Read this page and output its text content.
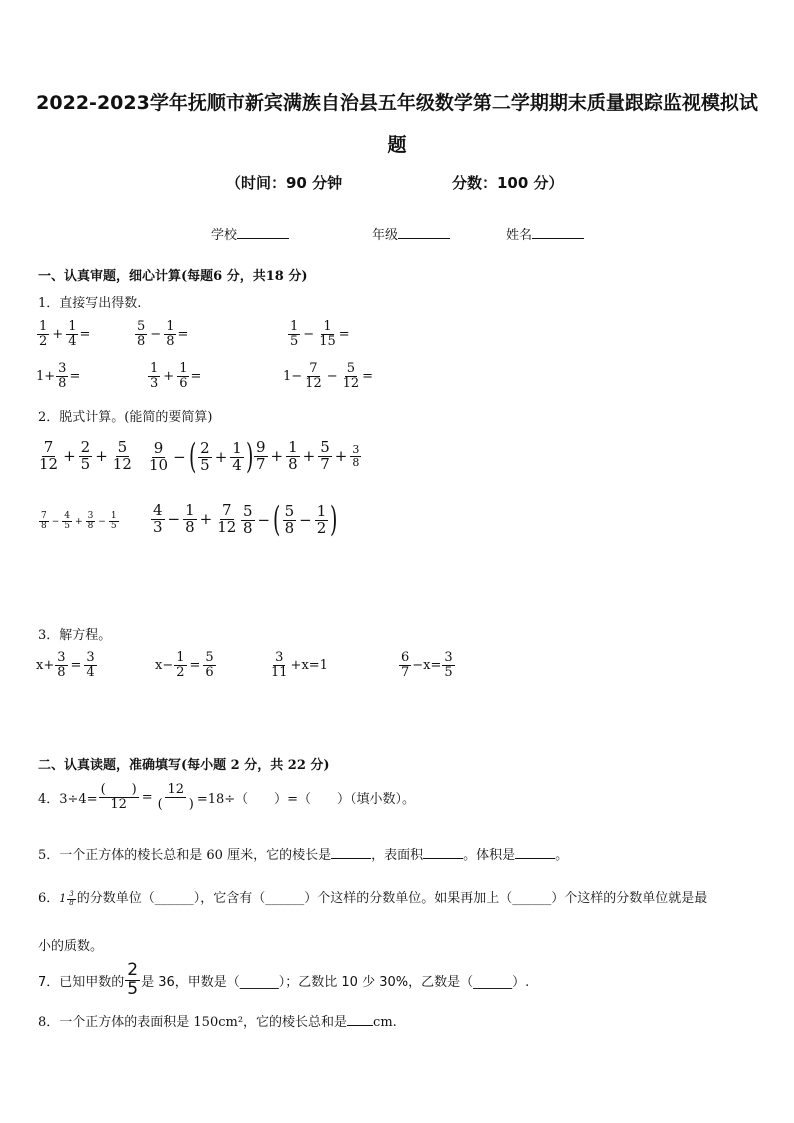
2022-2023学年抚顺市新宾满族自治县五年级数学第二学期期末质量跟踪监视模拟试
题
（时间：90 分钟	分数：100 分）
学校	年级	姓名
一、认真审题，细心计算(每题6 分，共18 分)
1．直接写出得数.
$\frac{1}{2} + \frac{1}{4}$ =	$\frac{5}{8} - \frac{1}{8}$ =	$\frac{1}{5} - \frac{1}{15}$ =
$1+ \frac{3}{8}$ =	$\frac{1}{3} + \frac{1}{6}$ =	$1- \frac{7}{12} - \frac{5}{12}$ =
2．脱式计算。(能简的要简算)
$\frac{7}{12} + \frac{2}{5} + \frac{5}{12} \frac{9}{10}$ − ( $\frac{2}{5} + \frac{1}{4}$ ) $\frac{9}{7} + \frac{1}{8} + \frac{5}{7} + \frac{3}{8}$
$\frac{7}{8} - \frac{4}{5} + \frac{3}{8} - \frac{1}{5} \frac{4}{3} - \frac{1}{8} + \frac{7}{12} \frac{5}{8}$ − ( $\frac{5}{8} - \frac{1}{2}$ )
3．解方程。
$x+ \frac{3}{8} = \frac{3}{4}$	$x- \frac{1}{2} = \frac{5}{6}$	$\frac{3}{11} +x=1$	$\frac{6}{7} -x= \frac{3}{5}$
二、认真读题，准确填写(每小题 2 分，共 22 分)
4．$3\div 4= \frac{( )}{12} = \frac{12}{( )} =18\div$（　　）=（　　）（填小数）。
5．一个正方体的棱长总和是 60 厘米，它的棱长是	，表面积	。体积是	。
6．$1 \frac{3}{8}$ 的分数单位（______），它含有（______）个这样的分数单位。如果再加上（______）个这样的分数单位就是最
小的质数。
7．已知甲数的 $\frac{2}{5}$ 是 36，甲数是（______）；乙数比 10 少 30%，乙数是（______）.
8．一个正方体的表面积是 150cm²，它的棱长总和是 cm.
